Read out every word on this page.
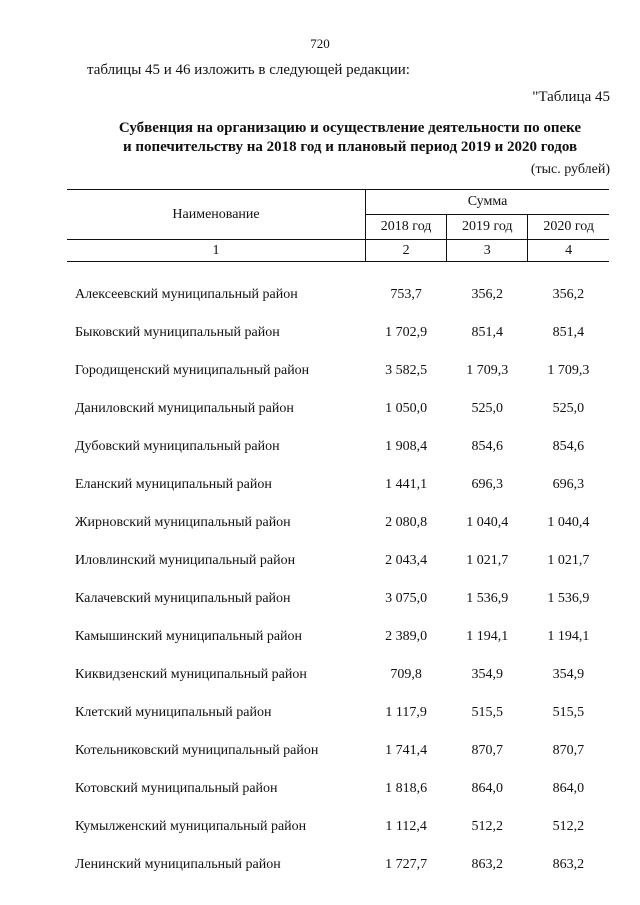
720
таблицы 45 и 46 изложить в следующей редакции:
"Таблица 45
Субвенция на организацию и осуществление деятельности по опеке
и попечительству на 2018 год и плановый период 2019 и 2020 годов
(тыс. рублей)
Наименование	Сумма		
	2018 год	2019 год	2020 год
1	2	3	4

Алексеевский муниципальный район	753,7	356,2	356,2
Быковский муниципальный район	1 702,9	851,4	851,4
Городищенский муниципальный район	3 582,5	1 709,3	1 709,3
Даниловский муниципальный район	1 050,0	525,0	525,0
Дубовский муниципальный район	1 908,4	854,6	854,6
Еланский муниципальный район	1 441,1	696,3	696,3
Жирновский муниципальный район	2 080,8	1 040,4	1 040,4
Иловлинский муниципальный район	2 043,4	1 021,7	1 021,7
Калачевский муниципальный район	3 075,0	1 536,9	1 536,9
Камышинский муниципальный район	2 389,0	1 194,1	1 194,1
Киквидзенский муниципальный район	709,8	354,9	354,9
Клетский муниципальный район	1 117,9	515,5	515,5
Котельниковский муниципальный район	1 741,4	870,7	870,7
Котовский муниципальный район	1 818,6	864,0	864,0
Кумылженский муниципальный район	1 112,4	512,2	512,2
Ленинский муниципальный район	1 727,7	863,2	863,2
